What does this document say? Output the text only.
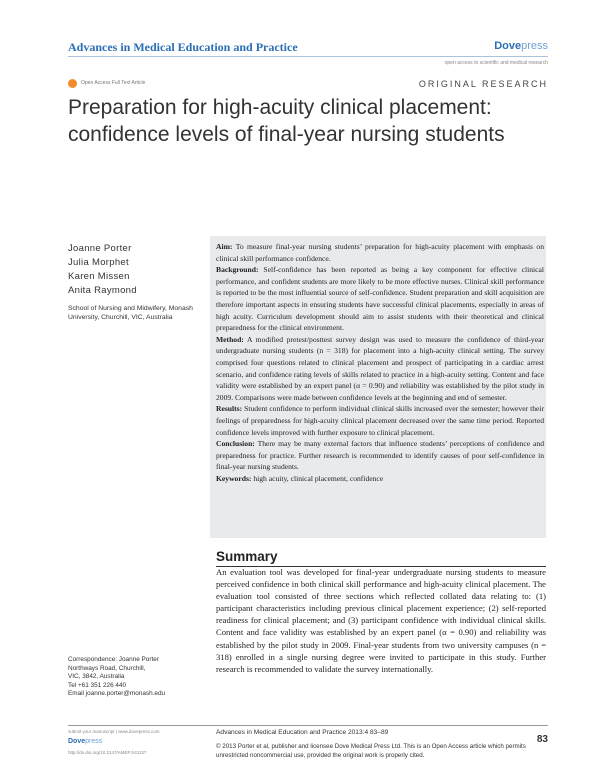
Advances in Medical Education and Practice	Dovepress
open access to scientific and medical research
Open Access Full Text Article	ORIGINAL RESEARCH
Preparation for high-acuity clinical placement: confidence levels of final-year nursing students
Joanne Porter
Julia Morphet
Karen Missen
Anita Raymond
School of Nursing and Midwifery, Monash University, Churchill, VIC, Australia

Aim: To measure final-year nursing students’ preparation for high-acuity placement with emphasis on clinical skill performance confidence.

Background: Self-confidence has been reported as being a key component for effective clinical performance, and confident students are more likely to be more effective nurses. Clinical skill performance is reported to be the most influential source of self-confidence. Student preparation and skill acquisition are therefore important aspects in ensuring students have successful clinical placements, especially in areas of high acuity. Curriculum development should aim to assist students with their theoretical and clinical preparedness for the clinical environment.

Method: A modified pretest/posttest survey design was used to measure the confidence of third-year undergraduate nursing students (n = 318) for placement into a high-acuity clinical setting. The survey comprised four questions related to clinical placement and prospect of participating in a cardiac arrest scenario, and confidence rating levels of skills related to practice in a high-acuity setting. Content and face validity were established by an expert panel (α = 0.90) and reliability was established by the pilot study in 2009. Comparisons were made between confidence levels at the beginning and end of semester.

Results: Student confidence to perform individual clinical skills increased over the semester; however their feelings of preparedness for high-acuity clinical placement decreased over the same time period. Reported confidence levels improved with further exposure to clinical placement.

Conclusion: There may be many external factors that influence students’ perceptions of confidence and preparedness for practice. Further research is recommended to identify causes of poor self-confidence in final-year nursing students.

Keywords: high acuity, clinical placement, confidence

Summary
An evaluation tool was developed for final-year undergraduate nursing students to measure perceived confidence in both clinical skill performance and high-acuity clinical placement. The evaluation tool consisted of three sections which reflected collated data relating to: (1) participant characteristics including previous clinical placement experience; (2) self-reported readiness for clinical placement; and (3) participant confidence with individual clinical skills. Content and face validity was established by an expert panel (α = 0.90) and reliability was established by the pilot study in 2009. Final-year students from two university campuses (n = 318) enrolled in a single nursing degree were invited to participate in this study. Further research is recommended to validate the survey internationally.
Correspondence: Joanne Porter
Northways Road, Churchill,
VIC, 3842, Australia
Tel +61 351 226 440
Email joanne.porter@monash.edu
submit your manuscript | www.dovepress.com
Dovepress
http://dx.doi.org/10.2147/AMEP.S41137
Advances in Medical Education and Practice 2013:4 83–89
© 2013 Porter et al, publisher and licensee Dove Medical Press Ltd. This is an Open Access article which permits unrestricted noncommercial use, provided the original work is properly cited.
83
